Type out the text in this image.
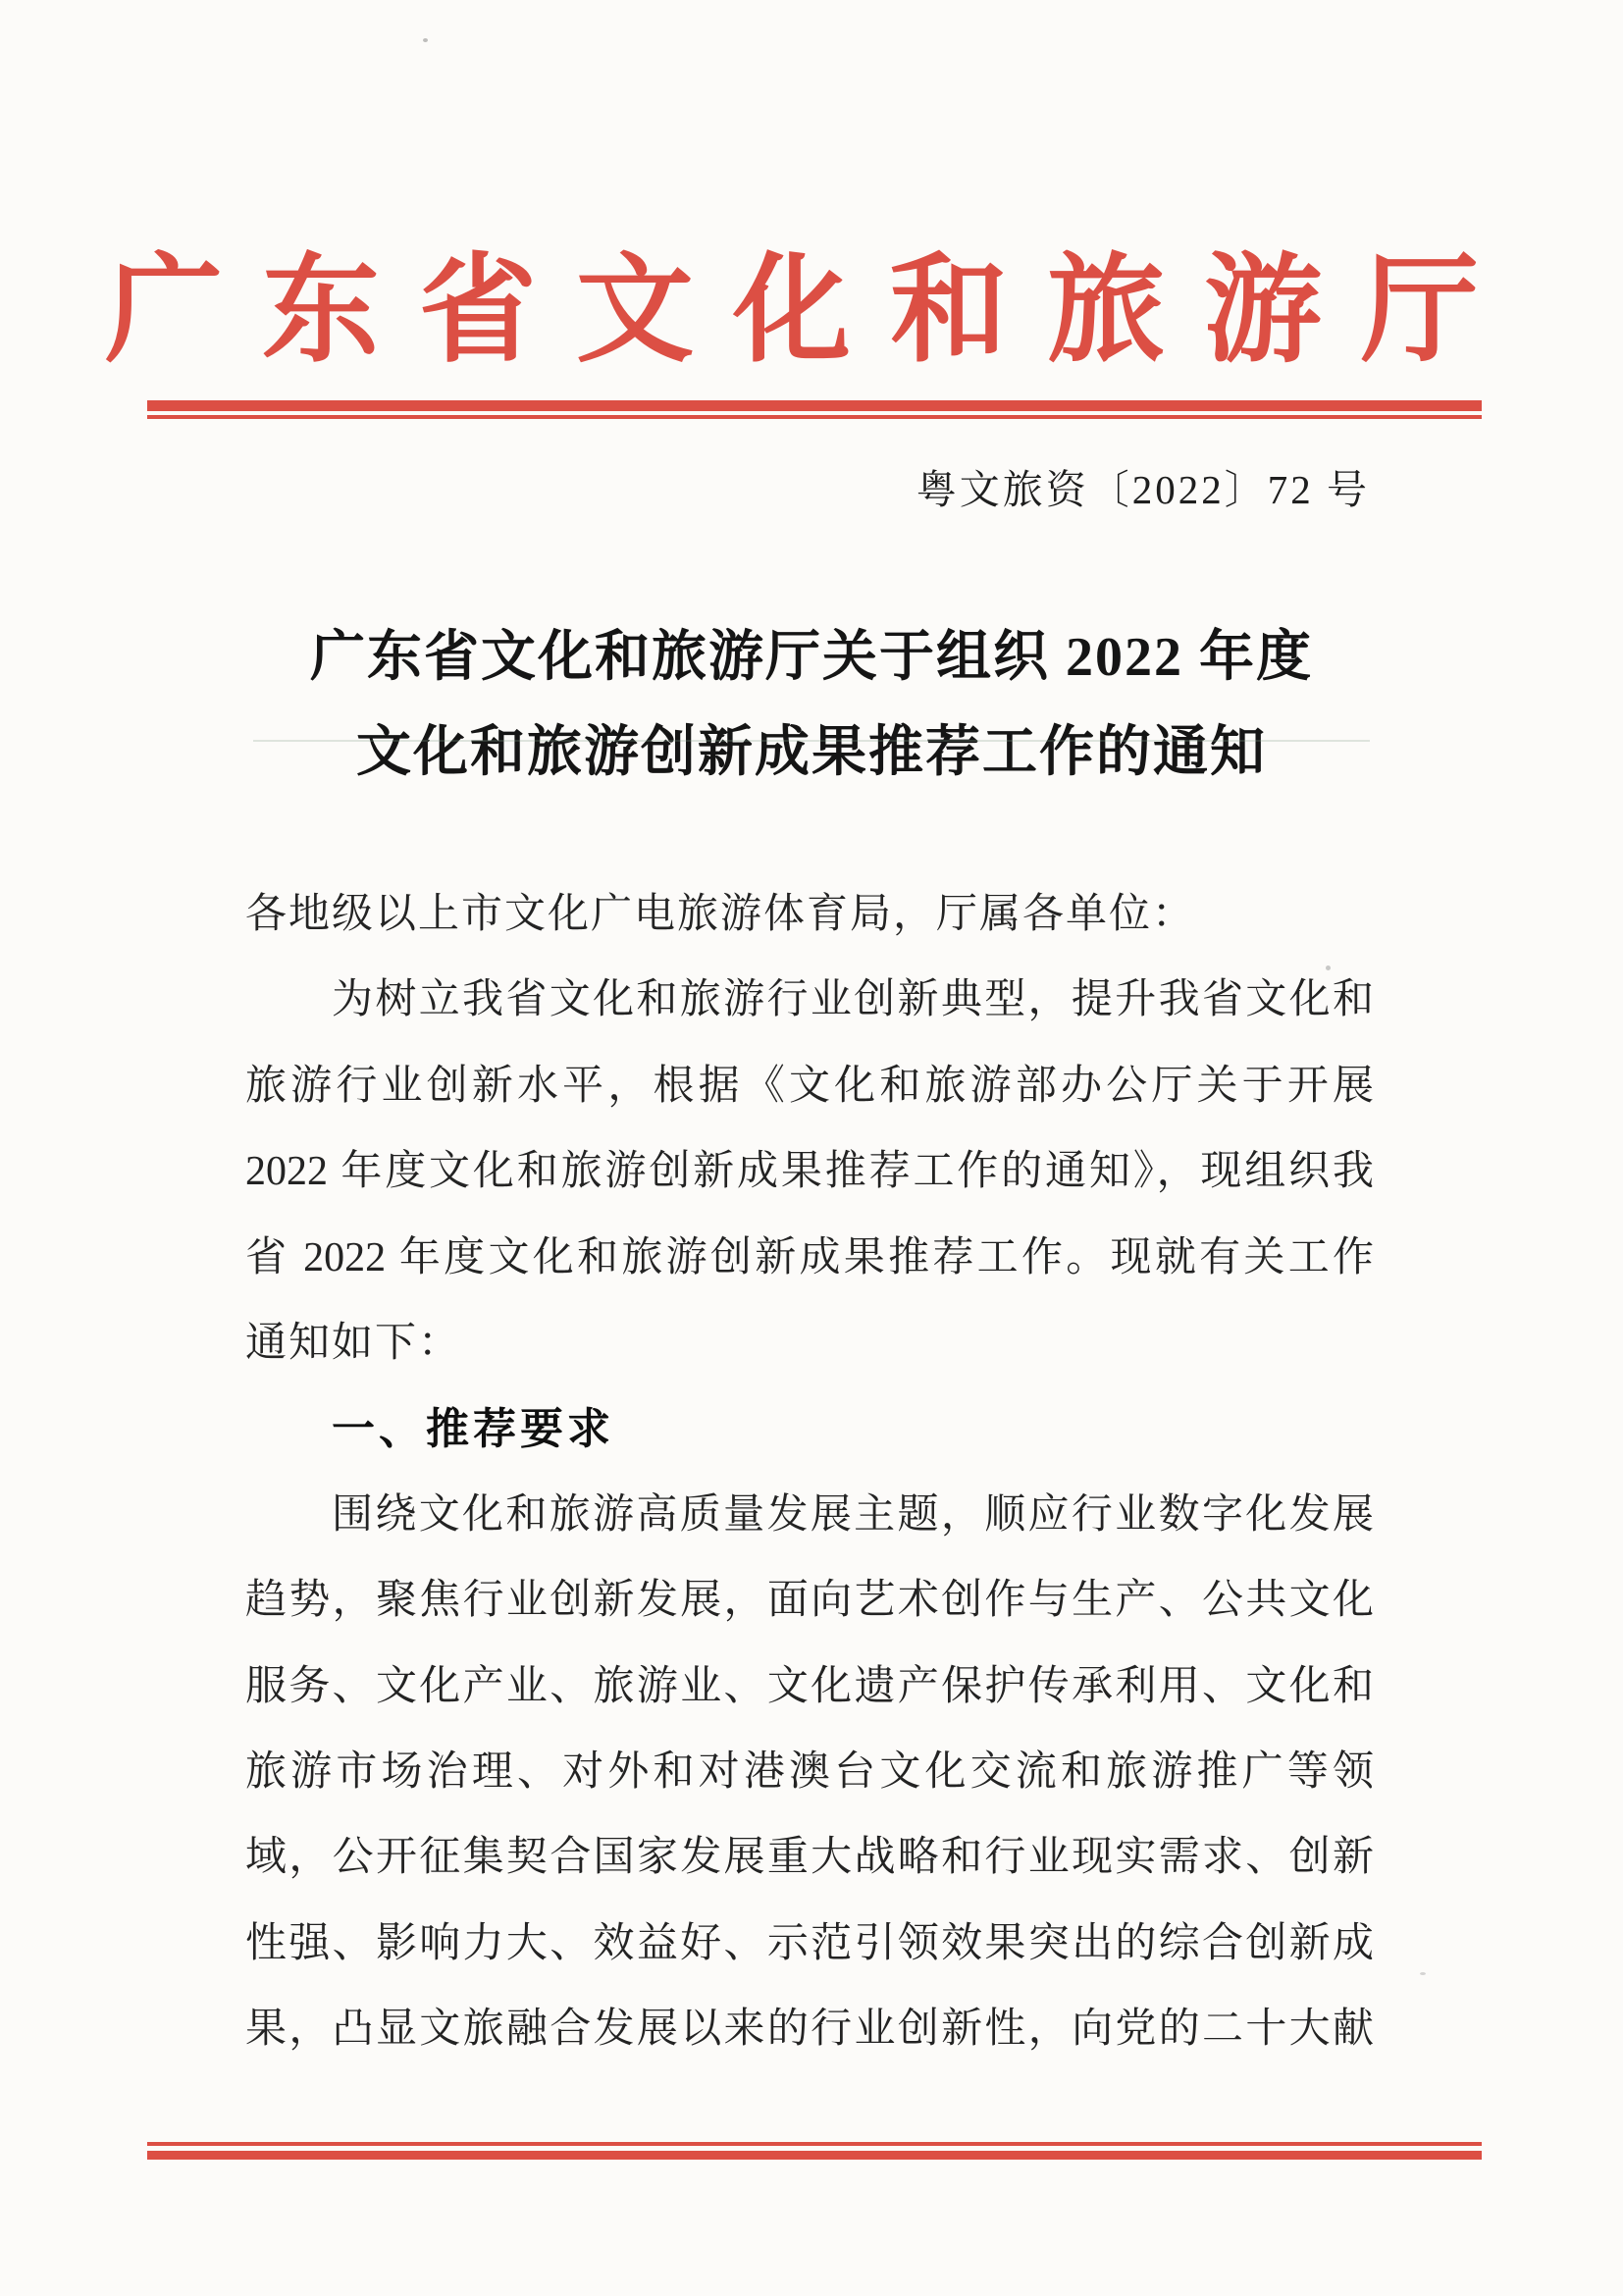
广东省文化和旅游厅
粤文旅资〔2022〕72 号
广东省文化和旅游厅关于组织 2022 年度
文化和旅游创新成果推荐工作的通知
各地级以上市文化广电旅游体育局，厅属各单位：
为树立我省文化和旅游行业创新典型，提升我省文化和
旅游行业创新水平，根据《文化和旅游部办公厅关于开展
2022 年度文化和旅游创新成果推荐工作的通知》，现组织我
省 2022 年度文化和旅游创新成果推荐工作。现就有关工作
通知如下：
一、推荐要求
围绕文化和旅游高质量发展主题，顺应行业数字化发展
趋势，聚焦行业创新发展，面向艺术创作与生产、公共文化
服务、文化产业、旅游业、文化遗产保护传承利用、文化和
旅游市场治理、对外和对港澳台文化交流和旅游推广等领
域，公开征集契合国家发展重大战略和行业现实需求、创新
性强、影响力大、效益好、示范引领效果突出的综合创新成
果，凸显文旅融合发展以来的行业创新性，向党的二十大献
